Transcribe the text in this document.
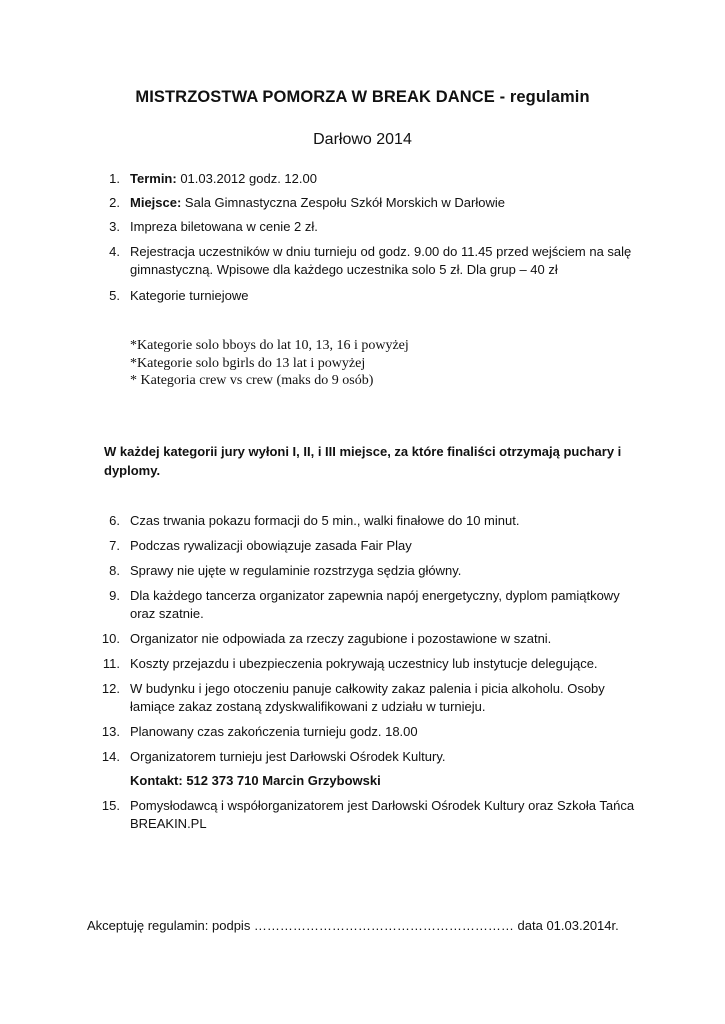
MISTRZOSTWA POMORZA W BREAK DANCE - regulamin
Darłowo 2014
1. Termin: 01.03.2012 godz. 12.00
2. Miejsce: Sala Gimnastyczna Zespołu Szkół Morskich w Darłowie
3. Impreza biletowana w cenie 2 zł.
4. Rejestracja uczestników w dniu turnieju od godz. 9.00 do 11.45 przed wejściem na salę gimnastyczną. Wpisowe dla każdego uczestnika solo 5 zł. Dla grup – 40 zł
5. Kategorie turniejowe
*Kategorie solo bboys do lat 10, 13, 16 i powyżej
*Kategorie solo bgirls do 13 lat i powyżej
* Kategoria crew vs crew (maks do 9 osób)
W każdej kategorii jury wyłoni I, II, i III miejsce, za które finaliści otrzymają puchary i dyplomy.
6. Czas trwania pokazu formacji do 5 min., walki finałowe do 10 minut.
7. Podczas rywalizacji obowiązuje zasada Fair Play
8. Sprawy nie ujęte w regulaminie rozstrzyga sędzia główny.
9. Dla każdego tancerza organizator zapewnia napój energetyczny, dyplom pamiątkowy oraz szatnie.
10. Organizator nie odpowiada za rzeczy zagubione i pozostawione w szatni.
11. Koszty przejazdu i ubezpieczenia pokrywają uczestnicy lub instytucje delegujące.
12. W budynku i jego otoczeniu panuje całkowity zakaz palenia i picia alkoholu. Osoby łamiące zakaz zostaną zdyskwalifikowani z udziału w turnieju.
13. Planowany czas zakończenia turnieju godz. 18.00
14. Organizatorem turnieju jest Darłowski Ośrodek Kultury.
Kontakt: 512 373 710 Marcin Grzybowski
15. Pomysłodawcą i współorganizatorem jest Darłowski Ośrodek Kultury oraz Szkoła Tańca BREAKIN.PL
Akceptuję regulamin: podpis …………………………………………………… data 01.03.2014r.
